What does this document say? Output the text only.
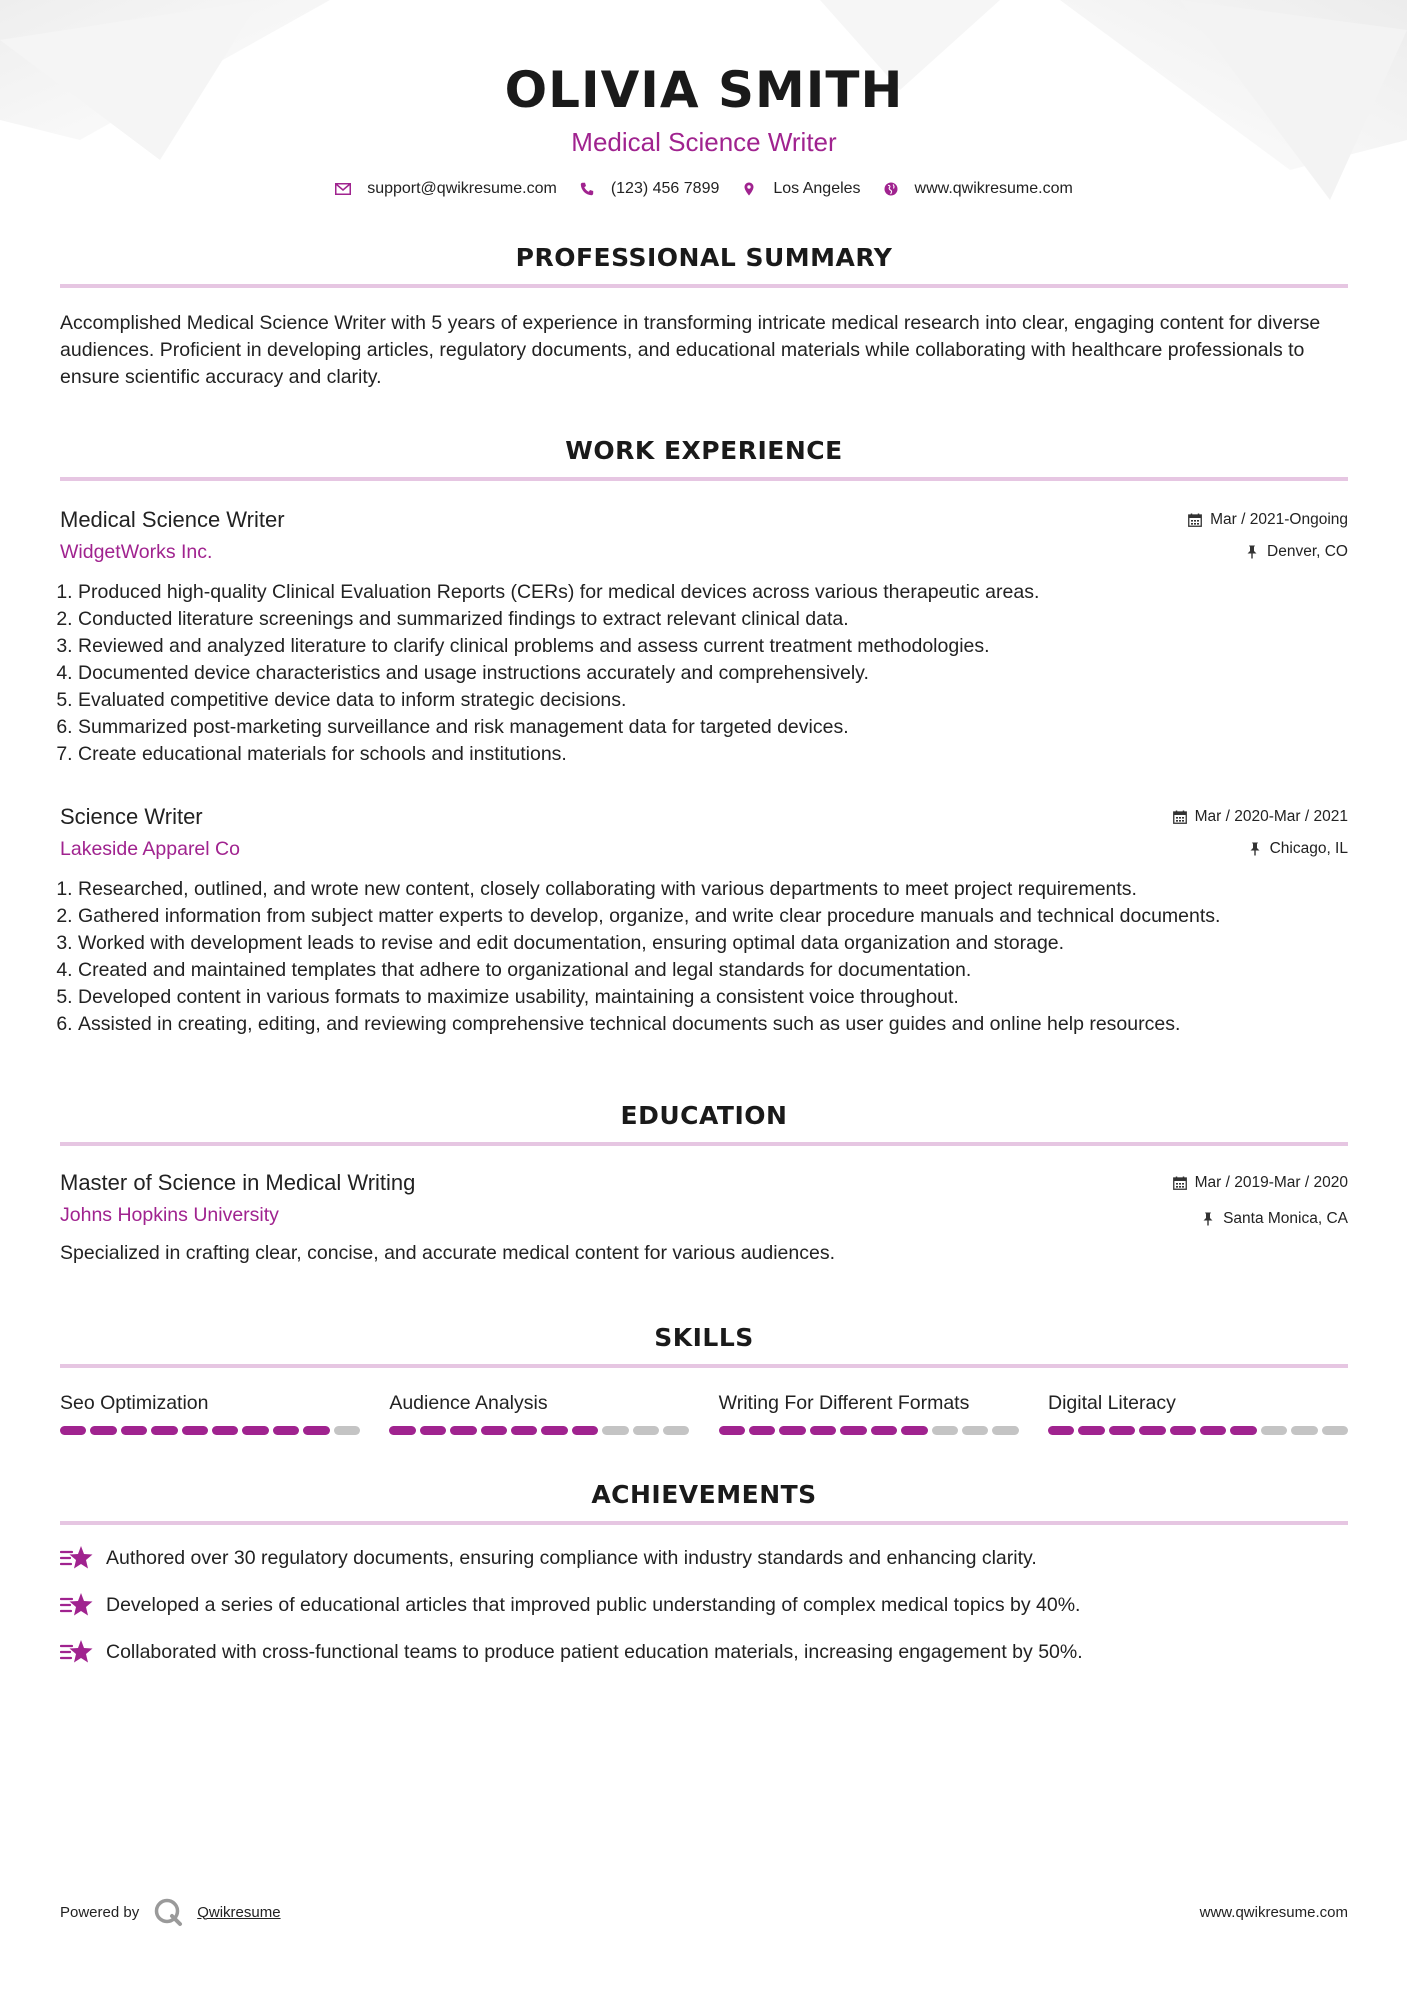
OLIVIA SMITH
Medical Science Writer
support@qwikresume.com	(123) 456 7899	Los Angeles	www.qwikresume.com
PROFESSIONAL SUMMARY
Accomplished Medical Science Writer with 5 years of experience in transforming intricate medical research into clear, engaging content for diverse audiences. Proficient in developing articles, regulatory documents, and educational materials while collaborating with healthcare professionals to ensure scientific accuracy and clarity.
WORK EXPERIENCE
Medical Science Writer
WidgetWorks Inc.
Mar / 2021-Ongoing
Denver, CO
1. Produced high-quality Clinical Evaluation Reports (CERs) for medical devices across various therapeutic areas.
2. Conducted literature screenings and summarized findings to extract relevant clinical data.
3. Reviewed and analyzed literature to clarify clinical problems and assess current treatment methodologies.
4. Documented device characteristics and usage instructions accurately and comprehensively.
5. Evaluated competitive device data to inform strategic decisions.
6. Summarized post-marketing surveillance and risk management data for targeted devices.
7. Create educational materials for schools and institutions.
Science Writer
Lakeside Apparel Co
Mar / 2020-Mar / 2021
Chicago, IL
1. Researched, outlined, and wrote new content, closely collaborating with various departments to meet project requirements.
2. Gathered information from subject matter experts to develop, organize, and write clear procedure manuals and technical documents.
3. Worked with development leads to revise and edit documentation, ensuring optimal data organization and storage.
4. Created and maintained templates that adhere to organizational and legal standards for documentation.
5. Developed content in various formats to maximize usability, maintaining a consistent voice throughout.
6. Assisted in creating, editing, and reviewing comprehensive technical documents such as user guides and online help resources.
EDUCATION
Master of Science in Medical Writing
Johns Hopkins University
Mar / 2019-Mar / 2020
Santa Monica, CA
Specialized in crafting clear, concise, and accurate medical content for various audiences.
SKILLS
Seo Optimization	Audience Analysis	Writing For Different Formats	Digital Literacy
ACHIEVEMENTS
Authored over 30 regulatory documents, ensuring compliance with industry standards and enhancing clarity.
Developed a series of educational articles that improved public understanding of complex medical topics by 40%.
Collaborated with cross-functional teams to produce patient education materials, increasing engagement by 50%.
Powered by	Qwikresume	www.qwikresume.com
